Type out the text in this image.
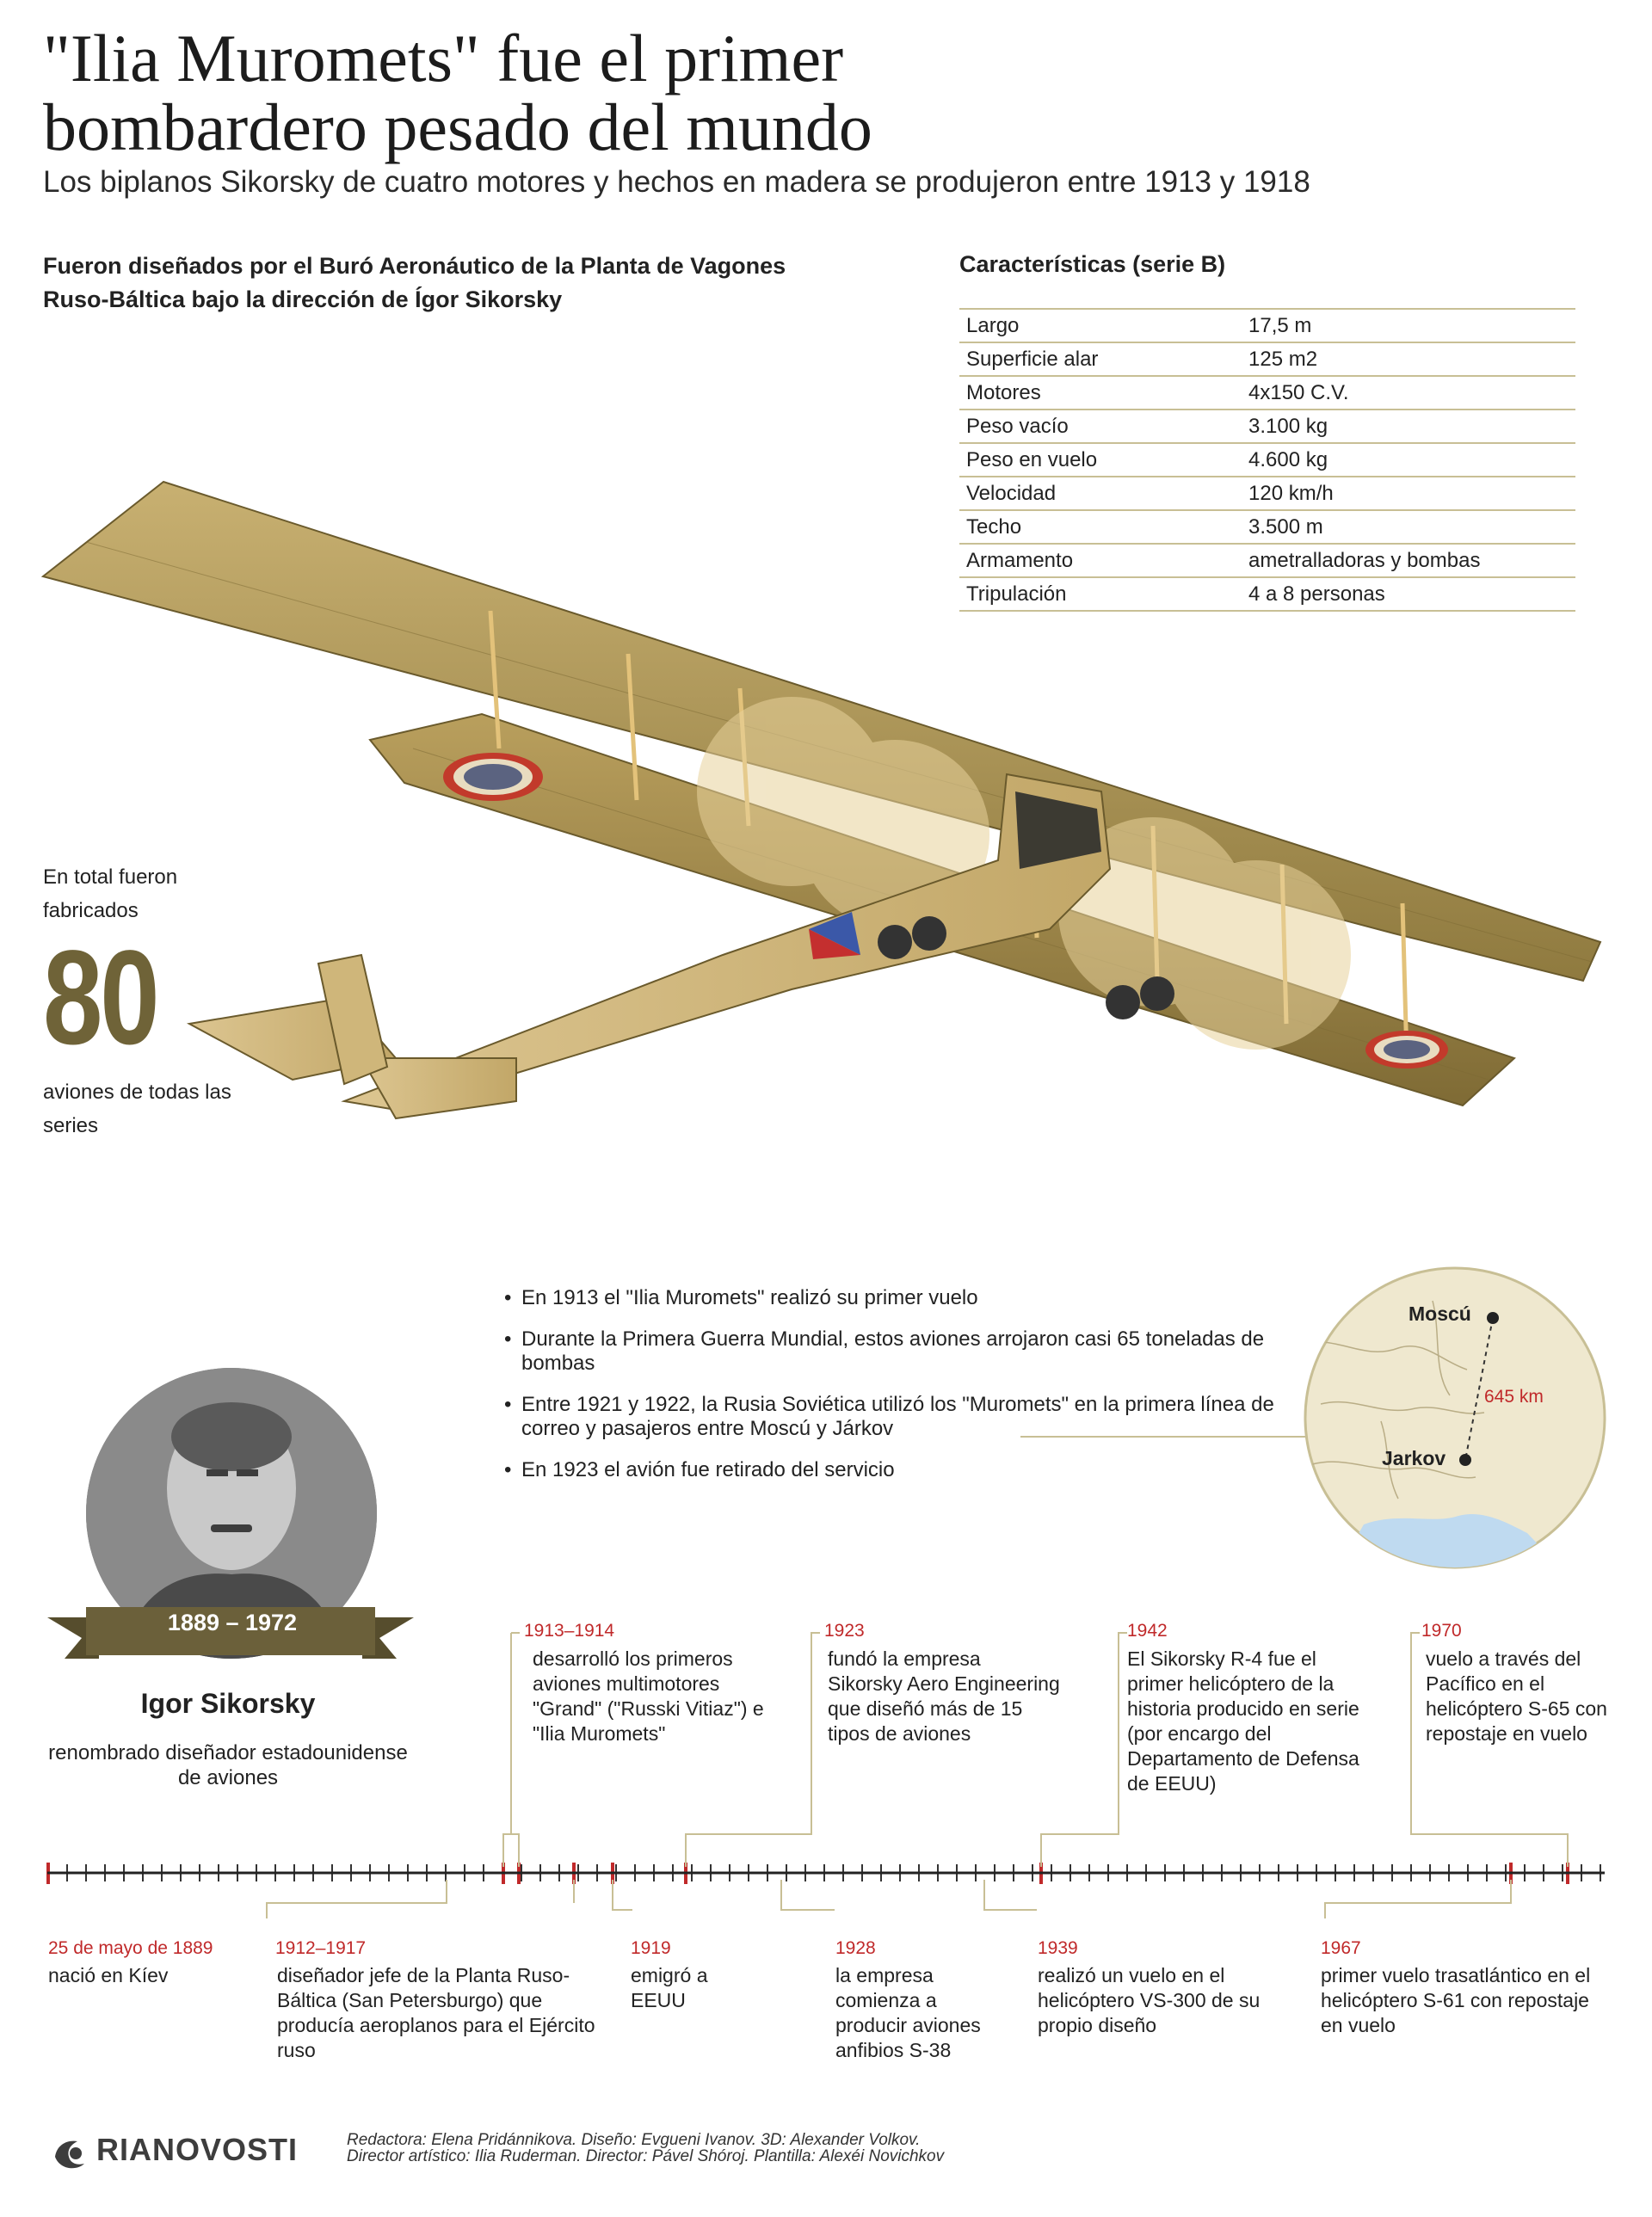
"Ilia Muromets" fue el primer bombardero pesado del mundo
Los biplanos Sikorsky de cuatro motores y hechos en madera se produjeron entre 1913 y 1918
Fueron diseñados por el Buró Aeronáutico de la Planta de Vagones Ruso-Báltica bajo la dirección de Ígor Sikorsky
Características (serie B)
Largo	17,5 m
Superficie alar	125 m2
Motores	4x150 C.V.
Peso vacío	3.100 kg
Peso en vuelo	4.600 kg
Velocidad	120 km/h
Techo	3.500 m
Armamento	ametralladoras y bombas
Tripulación	4 a 8 personas
En total fueron fabricados
80
aviones de todas las series
• En 1913 el "Ilia Muromets" realizó su primer vuelo
• Durante la Primera Guerra Mundial, estos aviones arrojaron casi 65 toneladas de bombas
• Entre 1921 y 1922, la Rusia Soviética utilizó los "Muromets" en la primera línea de correo y pasajeros entre Moscú y Járkov
• En 1923 el avión fue retirado del servicio
Moscú
Jarkov
645 km
1889 – 1972
Igor Sikorsky
renombrado diseñador estadounidense de aviones
1913–1914
desarrolló los primeros aviones multimotores "Grand" ("Russki Vitiaz") e "Ilia Muromets"
1923
fundó la empresa Sikorsky Aero Engineering que diseñó más de 15 tipos de aviones
1942
El Sikorsky R-4 fue el primer helicóptero de la historia producido en serie (por encargo del Departamento de Defensa de EEUU)
1970
vuelo a través del Pacífico en el helicóptero S-65 con repostaje en vuelo
25 de mayo de 1889
nació en Kíev
1912–1917
diseñador jefe de la Planta Ruso-Báltica (San Petersburgo) que producía aeroplanos para el Ejército ruso
1919
emigró a EEUU
1928
la empresa comienza a producir aviones anfibios S-38
1939
realizó un vuelo en el helicóptero VS-300 de su propio diseño
1967
primer vuelo trasatlántico en el helicóptero S-61 con repostaje en vuelo
RIANOVOSTI	Redactora: Elena Pridánnikova. Diseño: Evgueni Ivanov. 3D: Alexander Volkov.
Director artístico: Ilia Ruderman. Director: Pável Shóroj. Plantilla: Alexéi Novichkov
